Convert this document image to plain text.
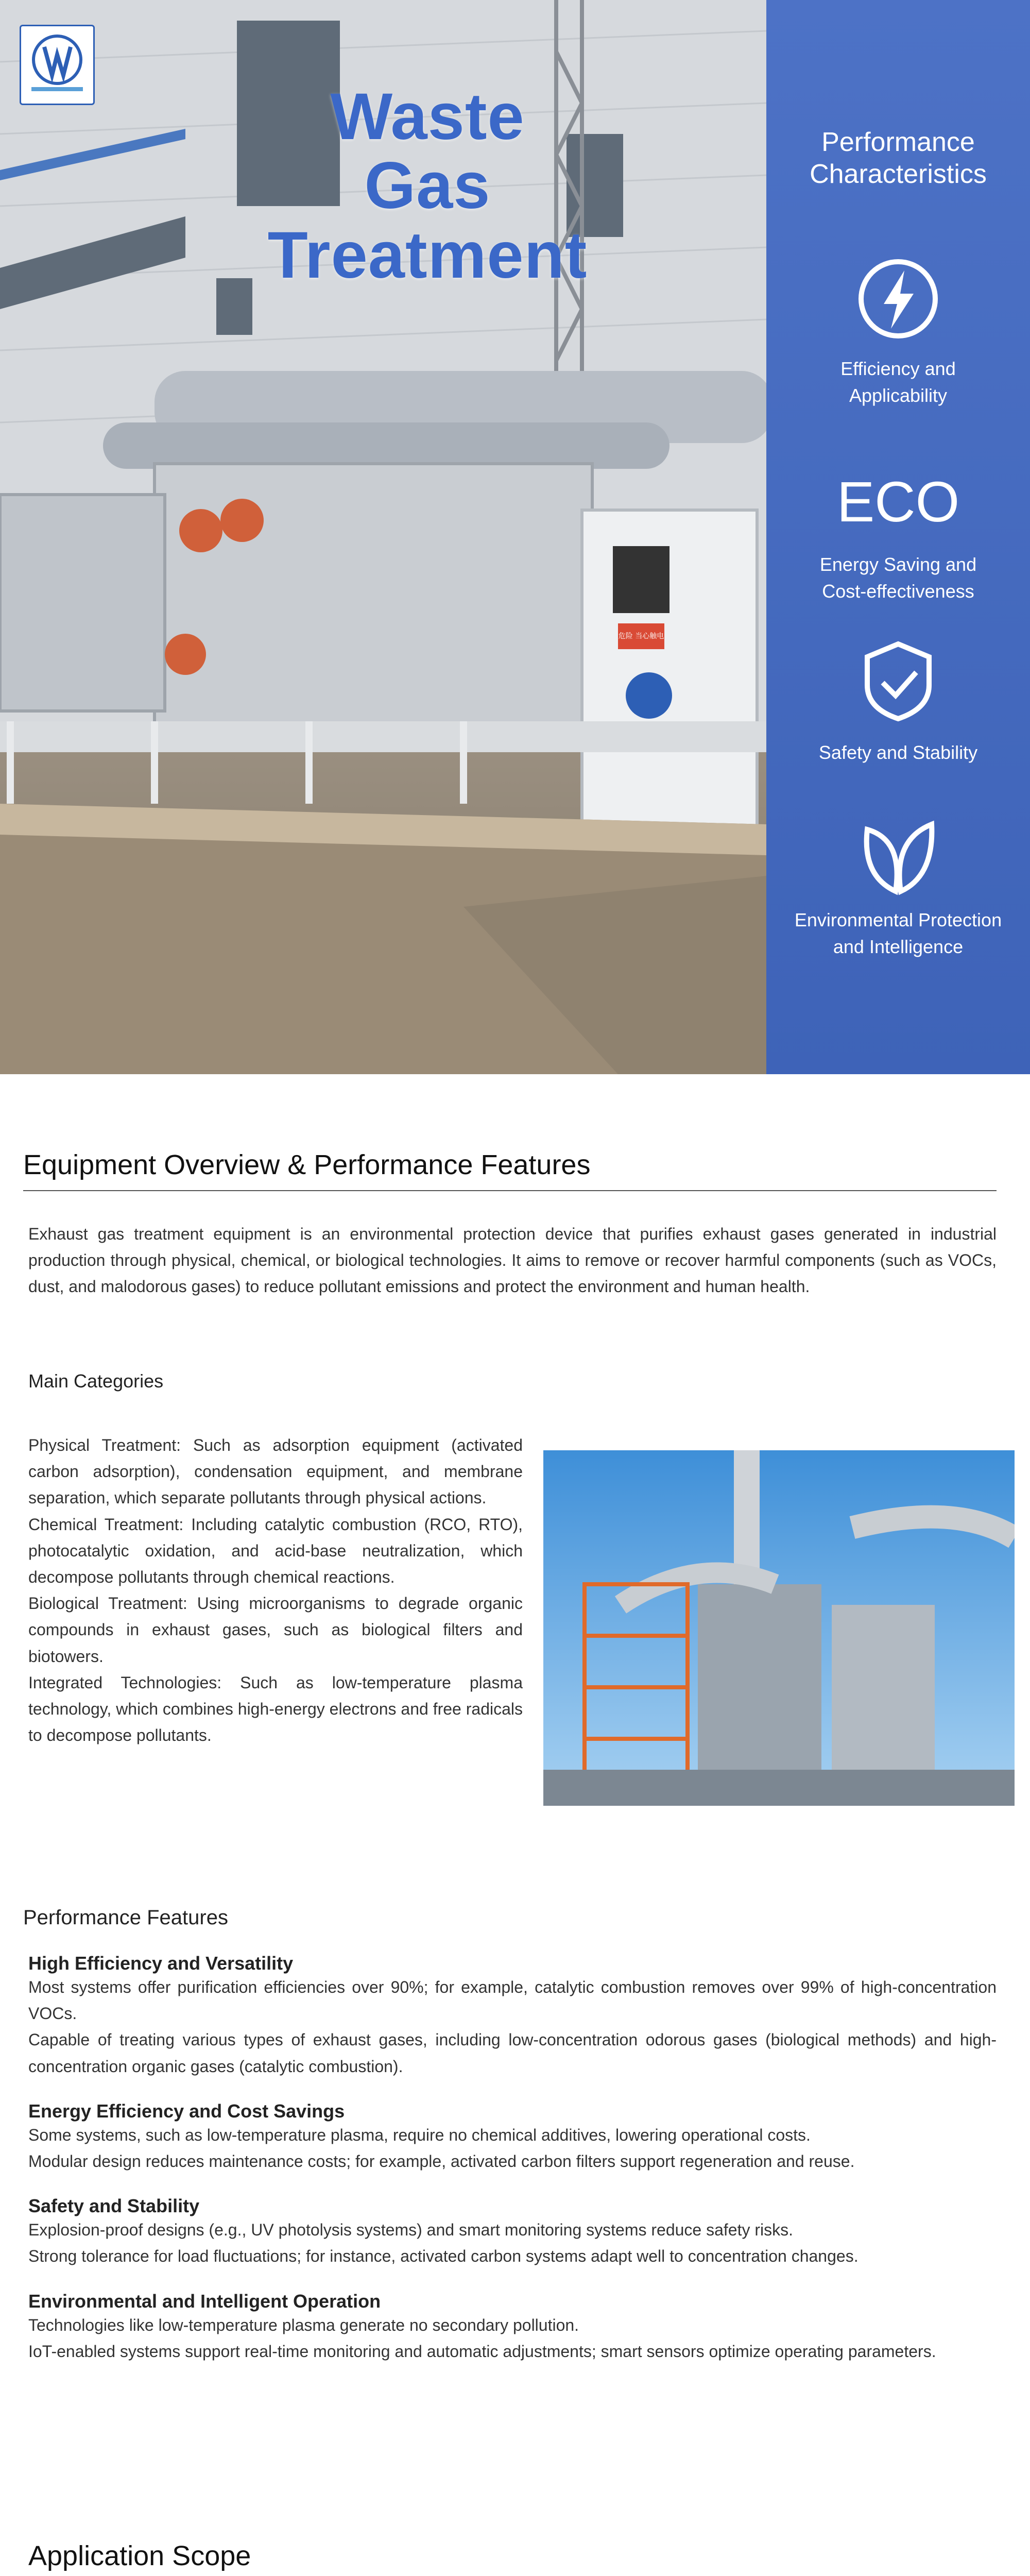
Waste
Gas Treatment
危险 当心触电
Performance
Characteristics
Efficiency and
Applicability
ECO
Energy Saving and
Cost-effectiveness
Safety and Stability
Environmental Protection
and Intelligence
Equipment Overview & Performance Features
Exhaust gas treatment equipment is an environmental protection device that purifies exhaust gases generated in industrial production through physical, chemical, or biological technologies. It aims to remove or recover harmful components (such as VOCs, dust, and malodorous gases) to reduce pollutant emissions and protect the environment and human health.
Main Categories
Physical Treatment: Such as adsorption equipment (activated carbon adsorption), condensation equipment, and membrane separation, which separate pollutants through physical actions.
Chemical Treatment: Including catalytic combustion (RCO, RTO), photocatalytic oxidation, and acid-base neutralization, which decompose pollutants through chemical reactions.
Biological Treatment: Using microorganisms to degrade organic compounds in exhaust gases, such as biological filters and biotowers.
Integrated Technologies: Such as low-temperature plasma technology, which combines high-energy electrons and free radicals to decompose pollutants.
Performance Features
High Efficiency and Versatility
Most systems offer purification efficiencies over 90%; for example, catalytic combustion removes over 99% of high-concentration VOCs.
Capable of treating various types of exhaust gases, including low-concentration odorous gases (biological methods) and high-concentration organic gases (catalytic combustion).
Energy Efficiency and Cost Savings
Some systems, such as low-temperature plasma, require no chemical additives, lowering operational costs.
Modular design reduces maintenance costs; for example, activated carbon filters support regeneration and reuse.
Safety and Stability
Explosion-proof designs (e.g., UV photolysis systems) and smart monitoring systems reduce safety risks.
Strong tolerance for load fluctuations; for instance, activated carbon systems adapt well to concentration changes.
Environmental and Intelligent Operation
Technologies like low-temperature plasma generate no secondary pollution.
IoT-enabled systems support real-time monitoring and automatic adjustments; smart sensors optimize operating parameters.
Application Scope
